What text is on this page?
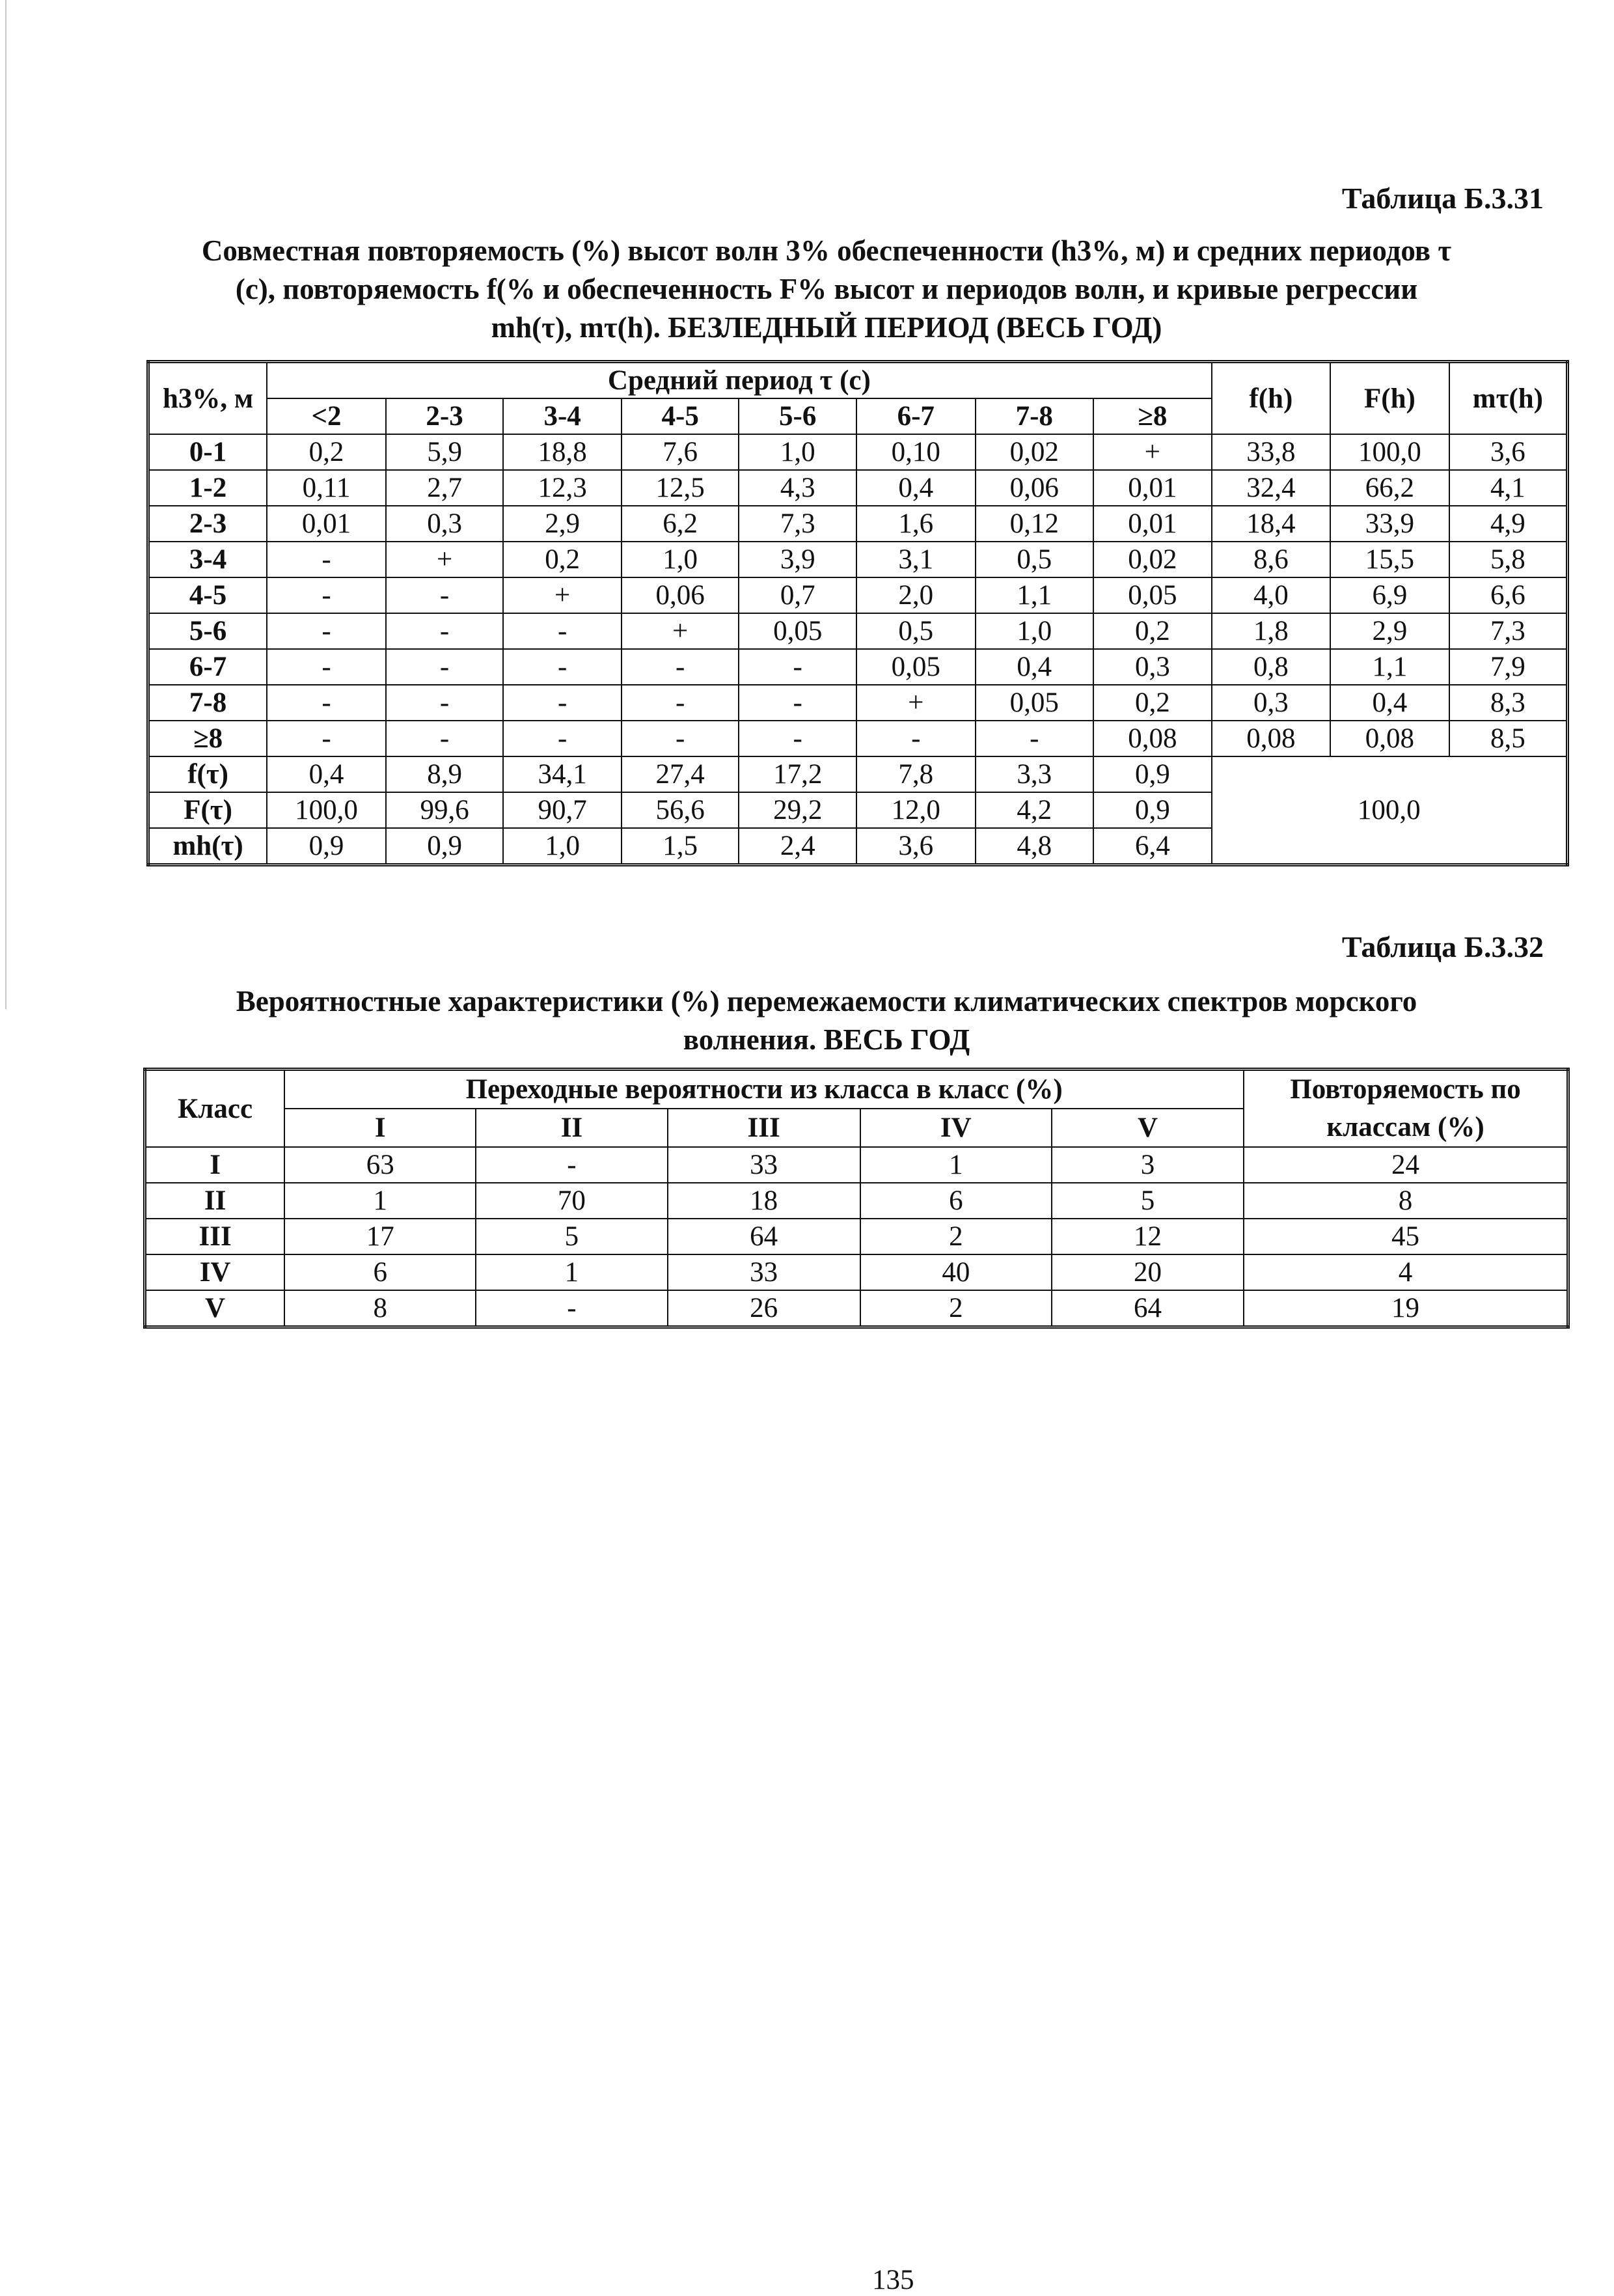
Таблица Б.3.31
Совместная повторяемость (%) высот волн 3% обеспеченности (h3%, м) и средних периодов τ
(с), повторяемость f(% и обеспеченность F% высот и периодов волн, и кривые регрессии
mh(τ), mτ(h). БЕЗЛЕДНЫЙ ПЕРИОД (ВЕСЬ ГОД)
h3%, м	Средний период τ (с)								f(h)	F(h)	mτ(h)
	<2	2-3	3-4	4-5	5-6	6-7	7-8	≥8			
0-1	0,2	5,9	18,8	7,6	1,0	0,10	0,02	+	33,8	100,0	3,6
1-2	0,11	2,7	12,3	12,5	4,3	0,4	0,06	0,01	32,4	66,2	4,1
2-3	0,01	0,3	2,9	6,2	7,3	1,6	0,12	0,01	18,4	33,9	4,9
3-4	-	+	0,2	1,0	3,9	3,1	0,5	0,02	8,6	15,5	5,8
4-5	-	-	+	0,06	0,7	2,0	1,1	0,05	4,0	6,9	6,6
5-6	-	-	-	+	0,05	0,5	1,0	0,2	1,8	2,9	7,3
6-7	-	-	-	-	-	0,05	0,4	0,3	0,8	1,1	7,9
7-8	-	-	-	-	-	+	0,05	0,2	0,3	0,4	8,3
≥8	-	-	-	-	-	-	-	0,08	0,08	0,08	8,5
f(τ)	0,4	8,9	34,1	27,4	17,2	7,8	3,3	0,9	100,0		
F(τ)	100,0	99,6	90,7	56,6	29,2	12,0	4,2	0,9			
mh(τ)	0,9	0,9	1,0	1,5	2,4	3,6	4,8	6,4			
Таблица Б.3.32
Вероятностные характеристики (%) перемежаемости климатических спектров морского
волнения. ВЕСЬ ГОД
Класс	Переходные вероятности из класса в класс (%)					Повторяемость по классам (%)
	I	II	III	IV	V	
I	63	-	33	1	3	24
II	1	70	18	6	5	8
III	17	5	64	2	12	45
IV	6	1	33	40	20	4
V	8	-	26	2	64	19
135
